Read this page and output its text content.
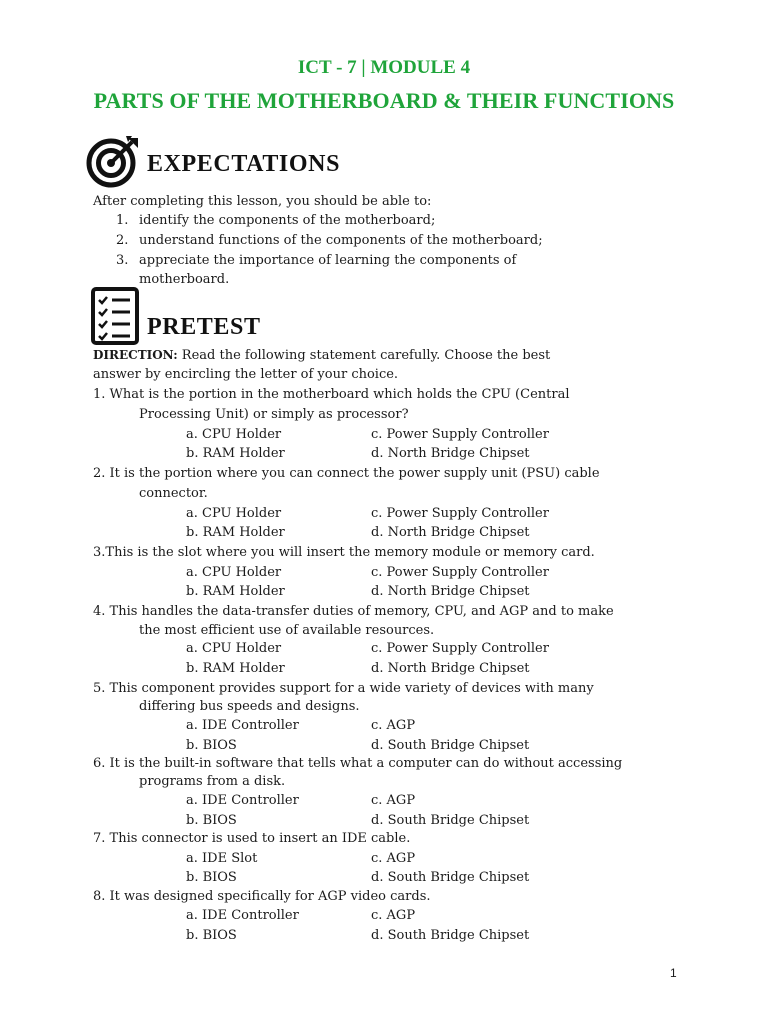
ICT - 7 | MODULE 4
PARTS OF THE MOTHERBOARD & THEIR FUNCTIONS
EXPECTATIONS
After completing this lesson, you should be able to:
1. identify the components of the motherboard;
2. understand functions of the components of the motherboard;
3. appreciate the importance of learning the components of
motherboard.
PRETEST
DIRECTION: Read the following statement carefully. Choose the best
answer by encircling the letter of your choice.
1. What is the portion in the motherboard which holds the CPU (Central
Processing Unit) or simply as processor?
a. CPU Holder	c. Power Supply Controller
b. RAM Holder	d. North Bridge Chipset
2. It is the portion where you can connect the power supply unit (PSU) cable
connector.
a. CPU Holder	c. Power Supply Controller
b. RAM Holder	d. North Bridge Chipset
3.This is the slot where you will insert the memory module or memory card.
a. CPU Holder	c. Power Supply Controller
b. RAM Holder	d. North Bridge Chipset
4. This handles the data-transfer duties of memory, CPU, and AGP and to make
the most efficient use of available resources.
a. CPU Holder	c. Power Supply Controller
b. RAM Holder	d. North Bridge Chipset
5. This component provides support for a wide variety of devices with many
differing bus speeds and designs.
a. IDE Controller	c. AGP
b. BIOS	d. South Bridge Chipset
6. It is the built-in software that tells what a computer can do without accessing
programs from a disk.
a. IDE Controller	c. AGP
b. BIOS	d. South Bridge Chipset
7. This connector is used to insert an IDE cable.
a. IDE Slot	c. AGP
b. BIOS	d. South Bridge Chipset
8. It was designed specifically for AGP video cards.
a. IDE Controller	c. AGP
b. BIOS	d. South Bridge Chipset
1
